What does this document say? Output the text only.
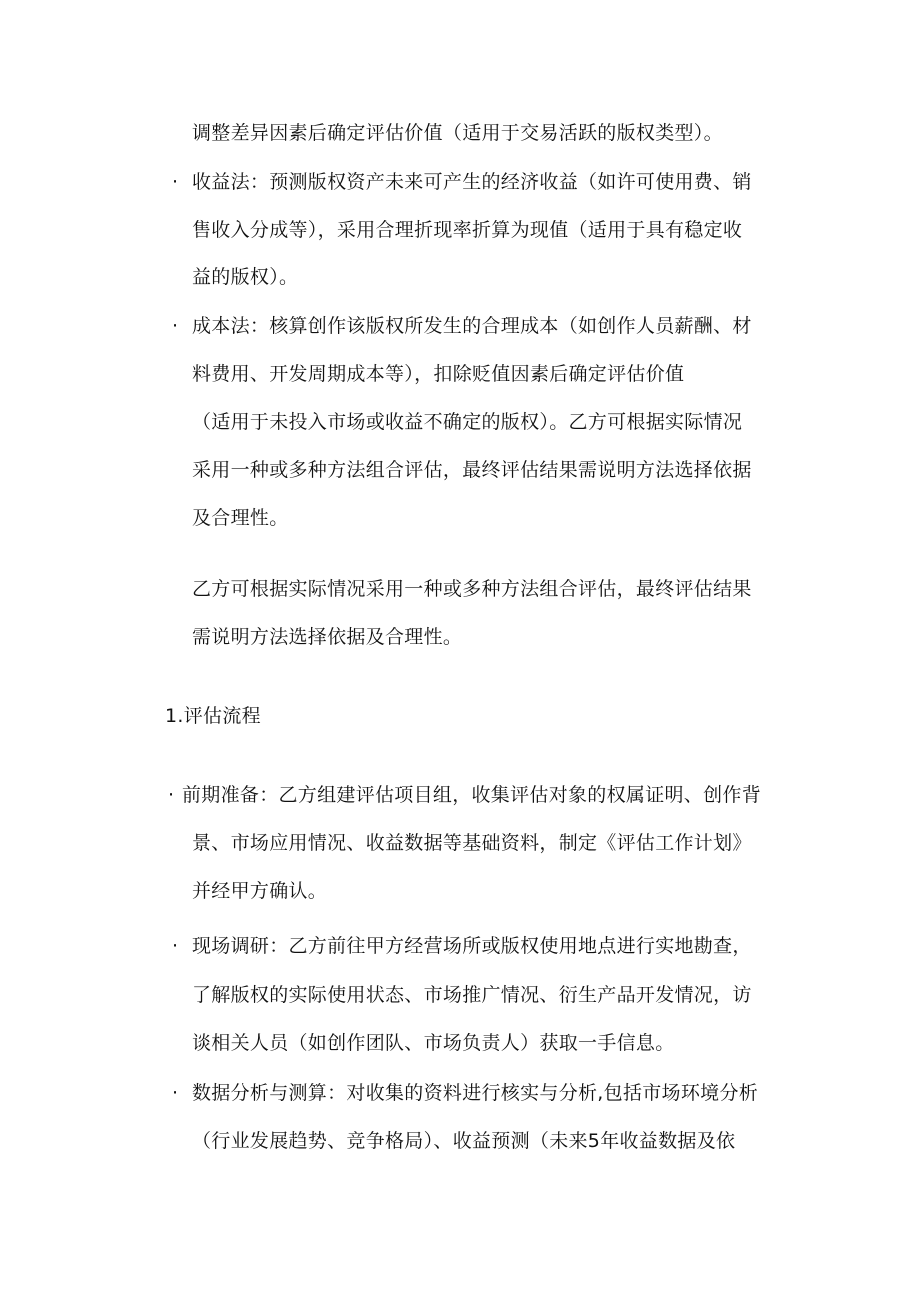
调整差异因素后确定评估价值（适用于交易活跃的版权类型）。
· 收益法：预测版权资产未来可产生的经济收益（如许可使用费、销
售收入分成等），采用合理折现率折算为现值（适用于具有稳定收
益的版权）。
· 成本法：核算创作该版权所发生的合理成本（如创作人员薪酬、材
料费用、开发周期成本等），扣除贬值因素后确定评估价值
（适用于未投入市场或收益不确定的版权）。乙方可根据实际情况
采用一种或多种方法组合评估，最终评估结果需说明方法选择依据
及合理性。
乙方可根据实际情况采用一种或多种方法组合评估，最终评估结果
需说明方法选择依据及合理性。
1.评估流程
· 前期准备：乙方组建评估项目组，收集评估对象的权属证明、创作背
景、市场应用情况、收益数据等基础资料，制定《评估工作计划》
并经甲方确认。
· 现场调研：乙方前往甲方经营场所或版权使用地点进行实地勘查，
了解版权的实际使用状态、市场推广情况、衍生产品开发情况，访
谈相关人员（如创作团队、市场负责人）获取一手信息。
· 数据分析与测算：对收集的资料进行核实与分析,包括市场环境分析
（行业发展趋势、竞争格局）、收益预测（未来5年收益数据及依
